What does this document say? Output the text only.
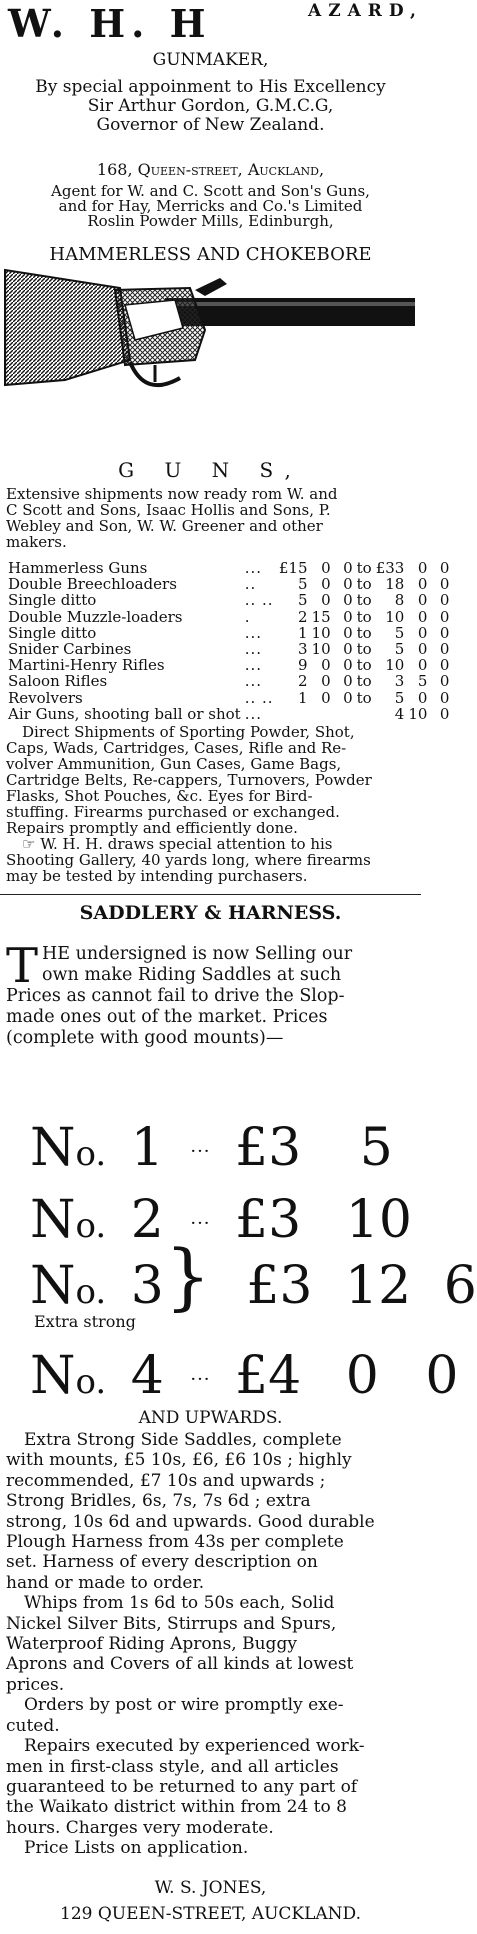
W. H. H	AZARD,
GUNMAKER,
By special appoinment to His Excellency
Sir Arthur Gordon, G.M.C.G,
Governor of New Zealand.
168, Queen-street, Auckland,
Agent for W. and C. Scott and Son's Guns,
and for Hay, Merricks and Co.'s Limited
Roslin Powder Mills, Edinburgh,
HAMMERLESS AND CHOKEBORE
G U N S,
Extensive shipments now ready rom W. and
C Scott and Sons, Isaac Hollis and Sons, P.
Webley and Son, W. W. Greener and other
makers.
Hammerless Guns	...	£15	0	0	to	£33	0	0
Double Breechloaders	..	5	0	0	to	18	0	0
Single ditto	.. ..	5	0	0	to	8	0	0
Double Muzzle-loaders	.	2	15	0	to	10	0	0
Single ditto	...	1	10	0	to	5	0	0
Snider Carbines	...	3	10	0	to	5	0	0
Martini-Henry Rifles	...	9	0	0	to	10	0	0
Saloon Rifles	...	2	0	0	to	3	5	0
Revolvers	.. ..	1	0	0	to	5	0	0
Air Guns, shooting ball or shot	...					4	10	0
Direct Shipments of Sporting Powder, Shot,
Caps, Wads, Cartridges, Cases, Rifle and Re-
volver Ammunition, Gun Cases, Game Bags,
Cartridge Belts, Re-cappers, Turnovers, Powder
Flasks, Shot Pouches, &c. Eyes for Bird-
stuffing. Firearms purchased or exchanged.
Repairs promptly and efficiently done.
☞ W. H. H. draws special attention to his
Shooting Gallery, 40 yards long, where firearms
may be tested by intending purchasers.
SADDLERY & HARNESS.
T HE undersigned is now Selling our
own make Riding Saddles at such
Prices as cannot fail to drive the Slop-
made ones out of the market. Prices
(complete with good mounts)—
No. 1 ··· £3 5
No. 2 ··· £3 10
No. 3 £3 12 6
Extra strong
}
No. 4 ··· £4 0 0
AND UPWARDS.
Extra Strong Side Saddles, complete
with mounts, £5 10s, £6, £6 10s ; highly
recommended, £7 10s and upwards ;
Strong Bridles, 6s, 7s, 7s 6d ; extra
strong, 10s 6d and upwards. Good durable
Plough Harness from 43s per complete
set. Harness of every description on
hand or made to order.
Whips from 1s 6d to 50s each, Solid
Nickel Silver Bits, Stirrups and Spurs,
Waterproof Riding Aprons, Buggy
Aprons and Covers of all kinds at lowest
prices.
Orders by post or wire promptly exe-
cuted.
Repairs executed by experienced work-
men in first-class style, and all articles
guaranteed to be returned to any part of
the Waikato district within from 24 to 8
hours. Charges very moderate.
Price Lists on application.
W. S. JONES,
129 QUEEN-STREET, AUCKLAND.
